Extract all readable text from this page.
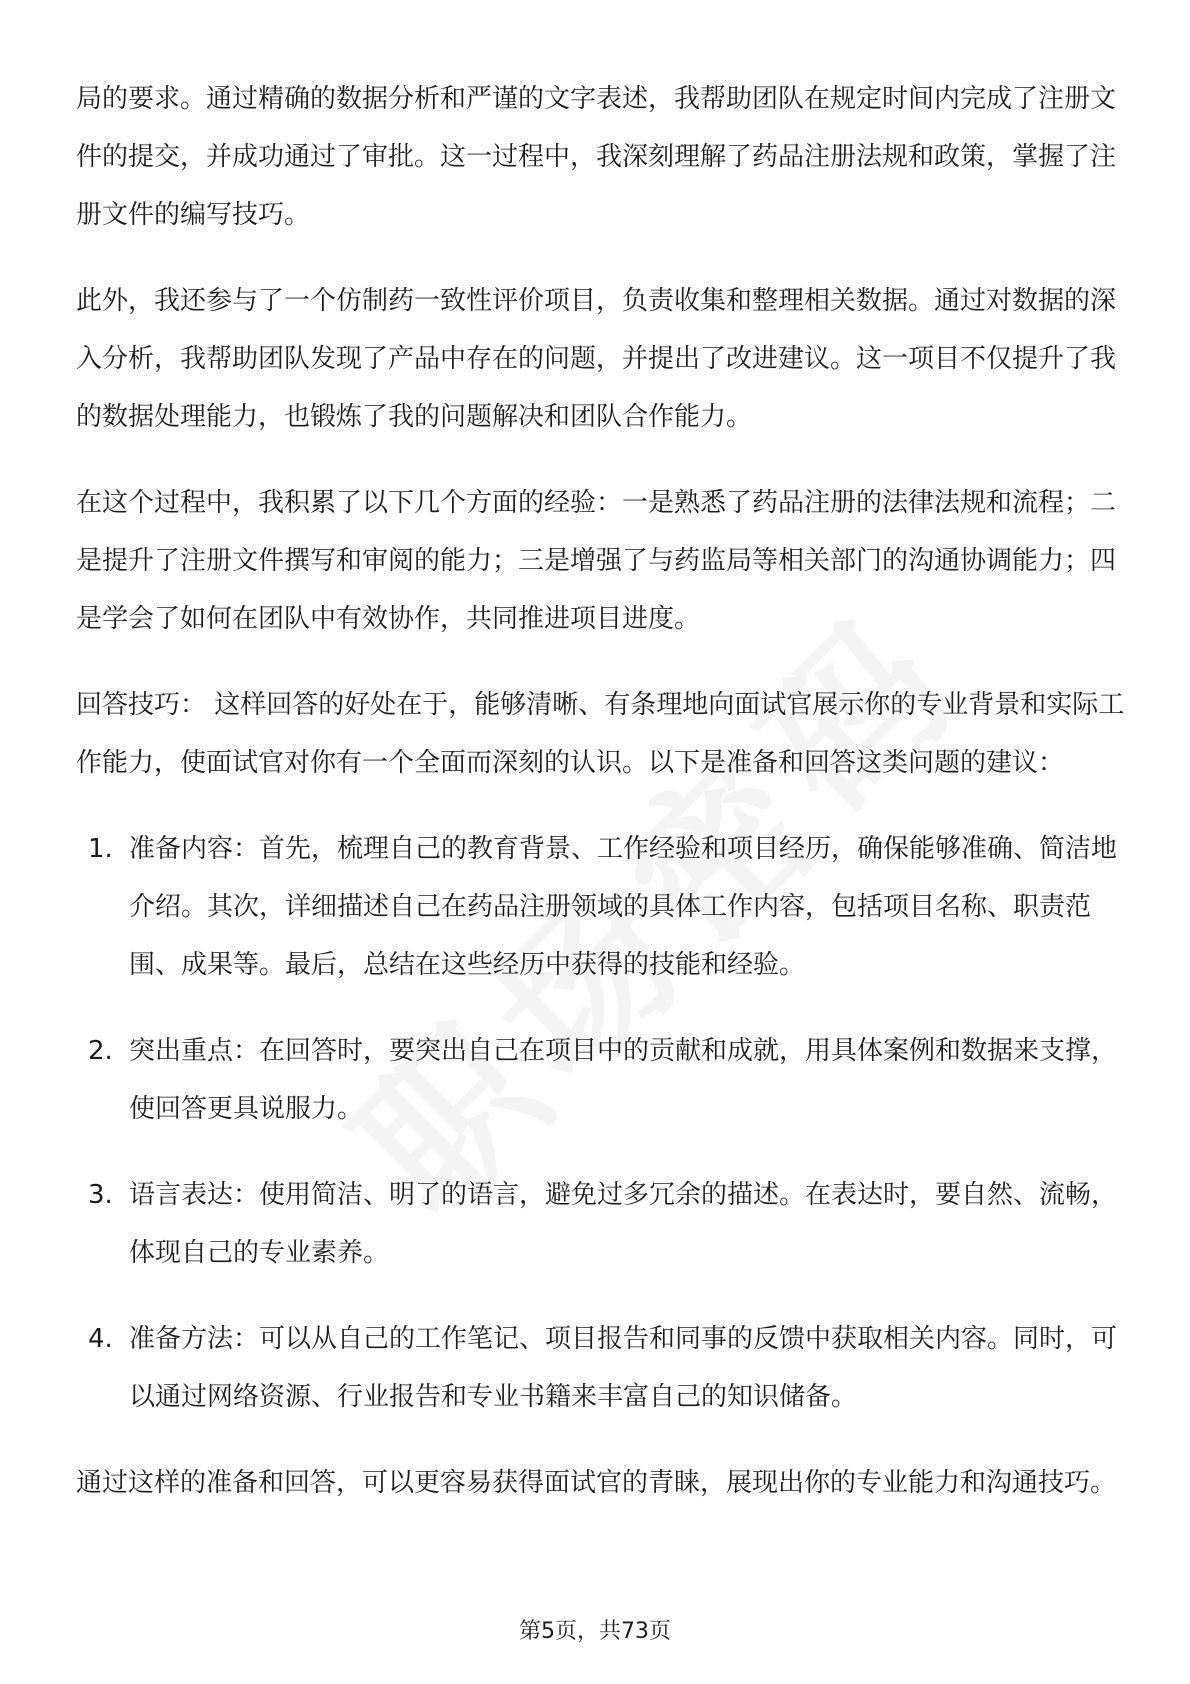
局的要求。通过精确的数据分析和严谨的文字表述，我帮助团队在规定时间内完成了注册文件的提交，并成功通过了审批。这一过程中，我深刻理解了药品注册法规和政策，掌握了注册文件的编写技巧。

此外，我还参与了一个仿制药一致性评价项目，负责收集和整理相关数据。通过对数据的深入分析，我帮助团队发现了产品中存在的问题，并提出了改进建议。这一项目不仅提升了我的数据处理能力，也锻炼了我的问题解决和团队合作能力。

在这个过程中，我积累了以下几个方面的经验：一是熟悉了药品注册的法律法规和流程；二是提升了注册文件撰写和审阅的能力；三是增强了与药监局等相关部门的沟通协调能力；四是学会了如何在团队中有效协作，共同推进项目进度。

回答技巧： 这样回答的好处在于，能够清晰、有条理地向面试官展示你的专业背景和实际工作能力，使面试官对你有一个全面而深刻的认识。以下是准备和回答这类问题的建议：

1. 准备内容：首先，梳理自己的教育背景、工作经验和项目经历，确保能够准确、简洁地介绍。其次，详细描述自己在药品注册领域的具体工作内容，包括项目名称、职责范围、成果等。最后，总结在这些经历中获得的技能和经验。
2. 突出重点：在回答时，要突出自己在项目中的贡献和成就，用具体案例和数据来支撑，使回答更具说服力。
3. 语言表达：使用简洁、明了的语言，避免过多冗余的描述。在表达时，要自然、流畅，体现自己的专业素养。
4. 准备方法：可以从自己的工作笔记、项目报告和同事的反馈中获取相关内容。同时，可以通过网络资源、行业报告和专业书籍来丰富自己的知识储备。

通过这样的准备和回答，可以更容易获得面试官的青睐，展现出你的专业能力和沟通技巧。

第5页，共73页
